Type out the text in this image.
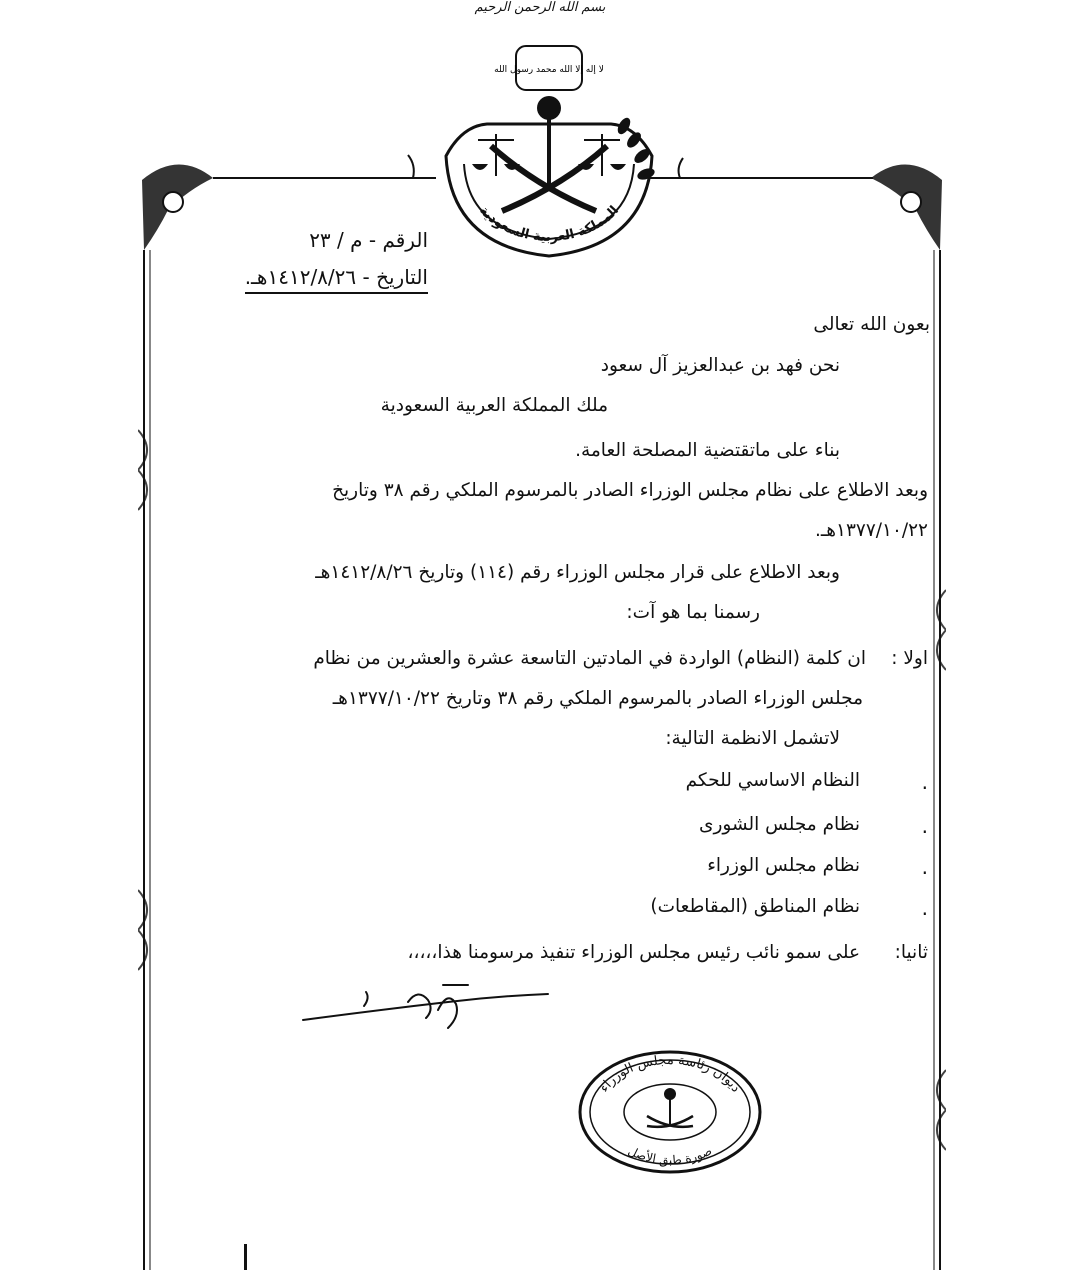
بسم الله الرحمن الرحيم
لا إله إلا الله محمد رسول الله
المملكة العربية السعودية
الرقم - م / ٢٣
التاريخ - ١٤١٢/٨/٢٦هـ.
بعون الله تعالى
نحن فهد بن عبدالعزيز آل سعود
ملك المملكة العربية السعودية
بناء على ماتقتضية المصلحة العامة.
وبعد الاطلاع على نظام مجلس الوزراء الصادر بالمرسوم الملكي رقم ٣٨ وتاريخ
١٣٧٧/١٠/٢٢هـ.
وبعد الاطلاع على قرار مجلس الوزراء رقم (١١٤) وتاريخ ١٤١٢/٨/٢٦هـ
رسمنا بما هو آت:
اولا :
ان كلمة (النظام) الواردة في المادتين التاسعة عشرة والعشرين من نظام
مجلس الوزراء الصادر بالمرسوم الملكي رقم ٣٨ وتاريخ ١٣٧٧/١٠/٢٢هـ
لاتشمل الانظمة التالية:
النظام الاساسي للحكم	.
نظام مجلس الشورى	.
نظام مجلس الوزراء	.
نظام المناطق (المقاطعات)	.
ثانيا:
على سمو نائب رئيس مجلس الوزراء تنفيذ مرسومنا هذا،،،،،
ديوان رئاسة مجلس الوزراء
صورة طبق الأصل
